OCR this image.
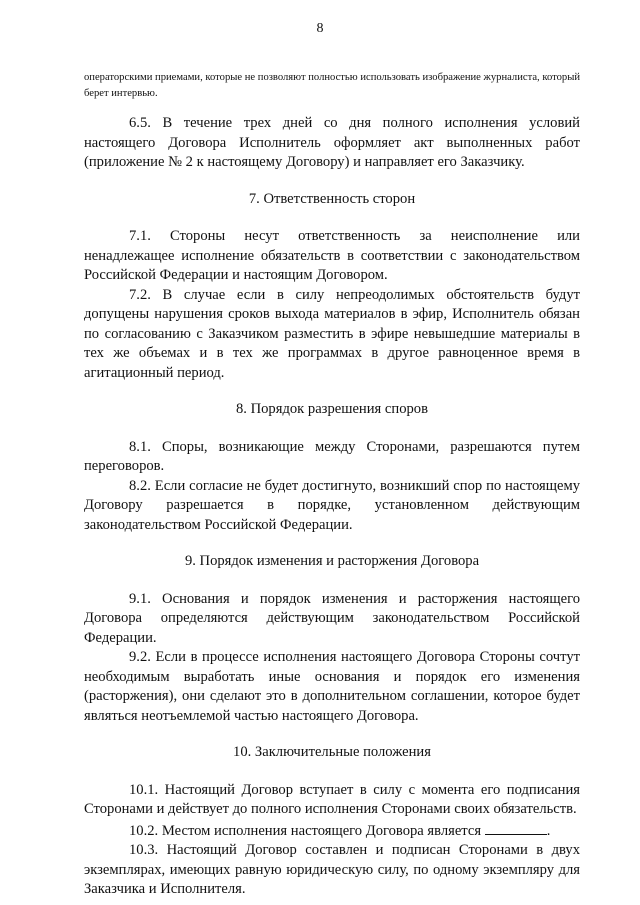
8
операторскими приемами, которые не позволяют полностью использовать изображение журналиста, который берет интервью.

6.5. В течение трех дней со дня полного исполнения условий настоящего Договора Исполнитель оформляет акт выполненных работ (приложение № 2 к настоящему Договору) и направляет его Заказчику.

7. Ответственность сторон

7.1. Стороны несут ответственность за неисполнение или ненадлежащее исполнение обязательств в соответствии с законодательством Российской Федерации и настоящим Договором.

7.2. В случае если в силу непреодолимых обстоятельств будут допущены нарушения сроков выхода материалов в эфир, Исполнитель обязан по согласованию с Заказчиком разместить в эфире невышедшие материалы в тех же объемах и в тех же программах в другое равноценное время в агитационный период.

8. Порядок разрешения споров

8.1. Споры, возникающие между Сторонами, разрешаются путем переговоров.

8.2. Если согласие не будет достигнуто, возникший спор по настоящему Договору разрешается в порядке, установленном действующим законодательством Российской Федерации.

9. Порядок изменения и расторжения Договора

9.1. Основания и порядок изменения и расторжения настоящего Договора определяются действующим законодательством Российской Федерации.

9.2. Если в процессе исполнения настоящего Договора Стороны сочтут необходимым выработать иные основания и порядок его изменения (расторжения), они сделают это в дополнительном соглашении, которое будет являться неотъемлемой частью настоящего Договора.

10. Заключительные положения

10.1. Настоящий Договор вступает в силу с момента его подписания Сторонами и действует до полного исполнения Сторонами своих обязательств.

10.2. Местом исполнения настоящего Договора является	.

10.3. Настоящий Договор составлен и подписан Сторонами в двух экземплярах, имеющих равную юридическую силу, по одному экземпляру для Заказчика и Исполнителя.
